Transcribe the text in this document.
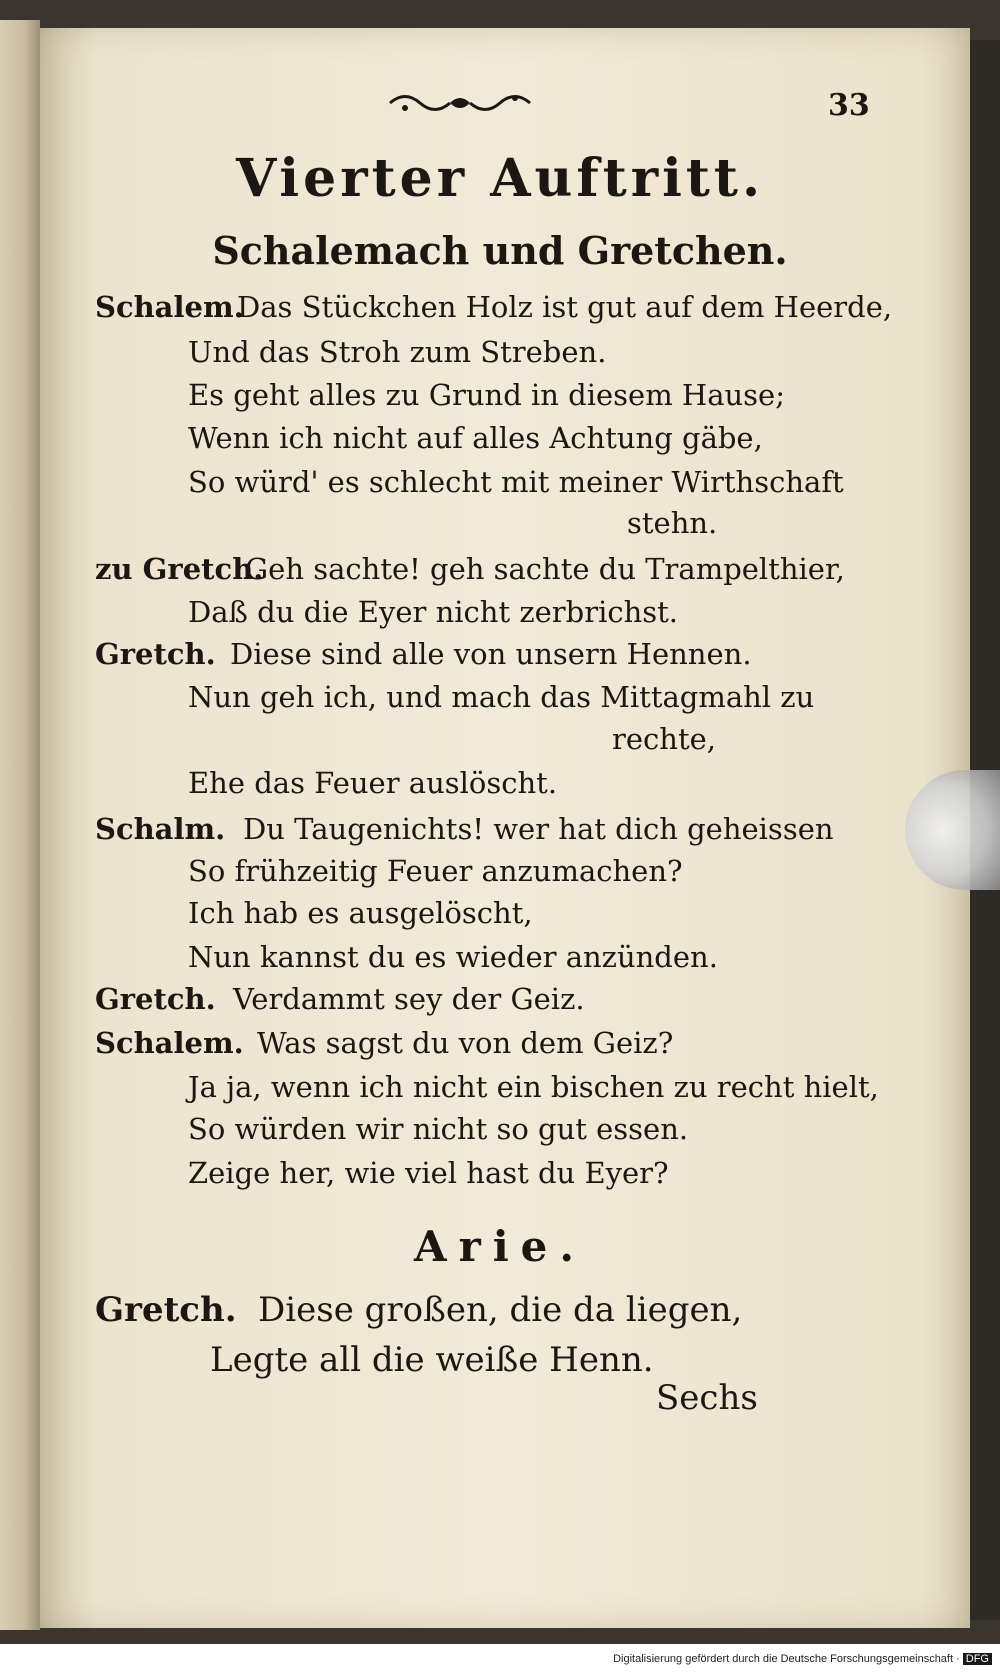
33
Vierter Auftritt.
Schalemach und Gretchen.
Schalem.
Das Stückchen Holz ist gut auf dem Heerde,
Und das Stroh zum Streben.
Es geht alles zu Grund in diesem Hause;
Wenn ich nicht auf alles Achtung gäbe,
So würd' es schlecht mit meiner Wirthschaft
stehn.
zu Gretch.
Geh sachte! geh sachte du Trampelthier,
Daß du die Eyer nicht zerbrichst.
Gretch. Diese sind alle von unsern Hennen.
Nun geh ich, und mach das Mittagmahl zu
rechte,
Ehe das Feuer auslöscht.
Schalm. Du Taugenichts! wer hat dich geheissen
So frühzeitig Feuer anzumachen?
Ich hab es ausgelöscht,
Nun kannst du es wieder anzünden.
Gretch. Verdammt sey der Geiz.
Schalem. Was sagst du von dem Geiz?
Ja ja, wenn ich nicht ein bischen zu recht hielt,
So würden wir nicht so gut essen.
Zeige her, wie viel hast du Eyer?
Arie.
Gretch. Diese großen, die da liegen,
Legte all die weiße Henn.
Sechs
Digitalisierung gefördert durch die Deutsche Forschungsgemeinschaft · DFG
